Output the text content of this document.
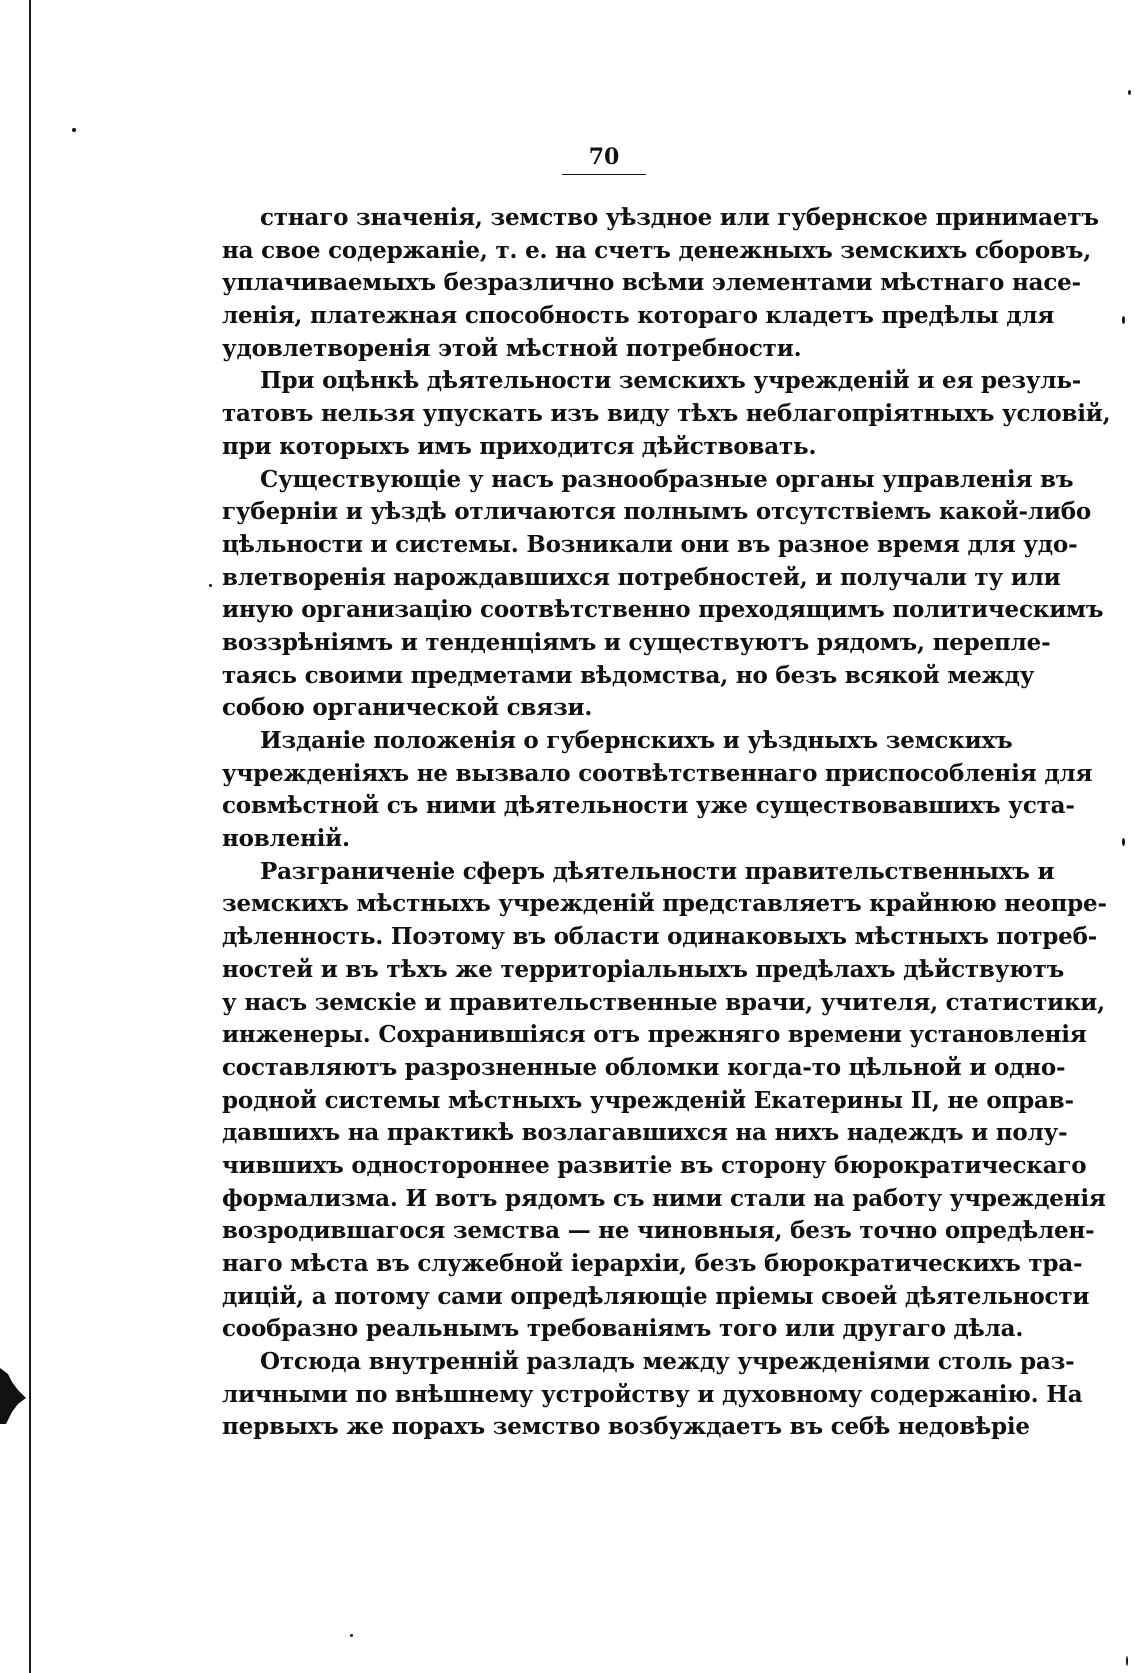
70

стнаго значенія, земство уѣздное или губернское принимаетъ
на свое содержаніе, т. е. на счетъ денежныхъ земскихъ сборовъ,
уплачиваемыхъ безразлично всѣми элементами мѣстнаго насе-
ленія, платежная способность котораго кладетъ предѣлы для
удовлетворенія этой мѣстной потребности.

При оцѣнкѣ дѣятельности земскихъ учрежденій и ея резуль-
татовъ нельзя упускать изъ виду тѣхъ неблагопріятныхъ условій,
при которыхъ имъ приходится дѣйствовать.

Существующіе у насъ разнообразные органы управленія въ
губерніи и уѣздѣ отличаются полнымъ отсутствіемъ какой-либо
цѣльности и системы. Возникали они въ разное время для удо-
влетворенія нарождавшихся потребностей, и получали ту или
иную организацію соотвѣтственно преходящимъ политическимъ
воззрѣніямъ и тенденціямъ и существуютъ рядомъ, перепле-
таясь своими предметами вѣдомства, но безъ всякой между
собою органической связи.

Изданіе положенія о губернскихъ и уѣздныхъ земскихъ
учрежденіяхъ не вызвало соотвѣтственнаго приспособленія для
совмѣстной съ ними дѣятельности уже существовавшихъ уста-
новленій.

Разграниченіе сферъ дѣятельности правительственныхъ и
земскихъ мѣстныхъ учрежденій представляетъ крайнюю неопре-
дѣленность. Поэтому въ области одинаковыхъ мѣстныхъ потреб-
ностей и въ тѣхъ же территоріальныхъ предѣлахъ дѣйствуютъ
у насъ земскіе и правительственные врачи, учителя, статистики,
инженеры. Сохранившіяся отъ прежняго времени установленія
составляютъ разрозненные обломки когда-то цѣльной и одно-
родной системы мѣстныхъ учрежденій Екатерины II, не оправ-
давшихъ на практикѣ возлагавшихся на нихъ надеждъ и полу-
чившихъ одностороннее развитіе въ сторону бюрократическаго
формализма. И вотъ рядомъ съ ними стали на работу учрежденія
возродившагося земства — не чиновныя, безъ точно опредѣлен-
наго мѣста въ служебной іерархіи, безъ бюрократическихъ тра-
дицій, а потому сами опредѣляющіе пріемы своей дѣятельности
сообразно реальнымъ требованіямъ того или другаго дѣла.

Отсюда внутренній разладъ между учрежденіями столь раз-
личными по внѣшнему устройству и духовному содержанію. На
первыхъ же порахъ земство возбуждаетъ въ себѣ недовѣріе
